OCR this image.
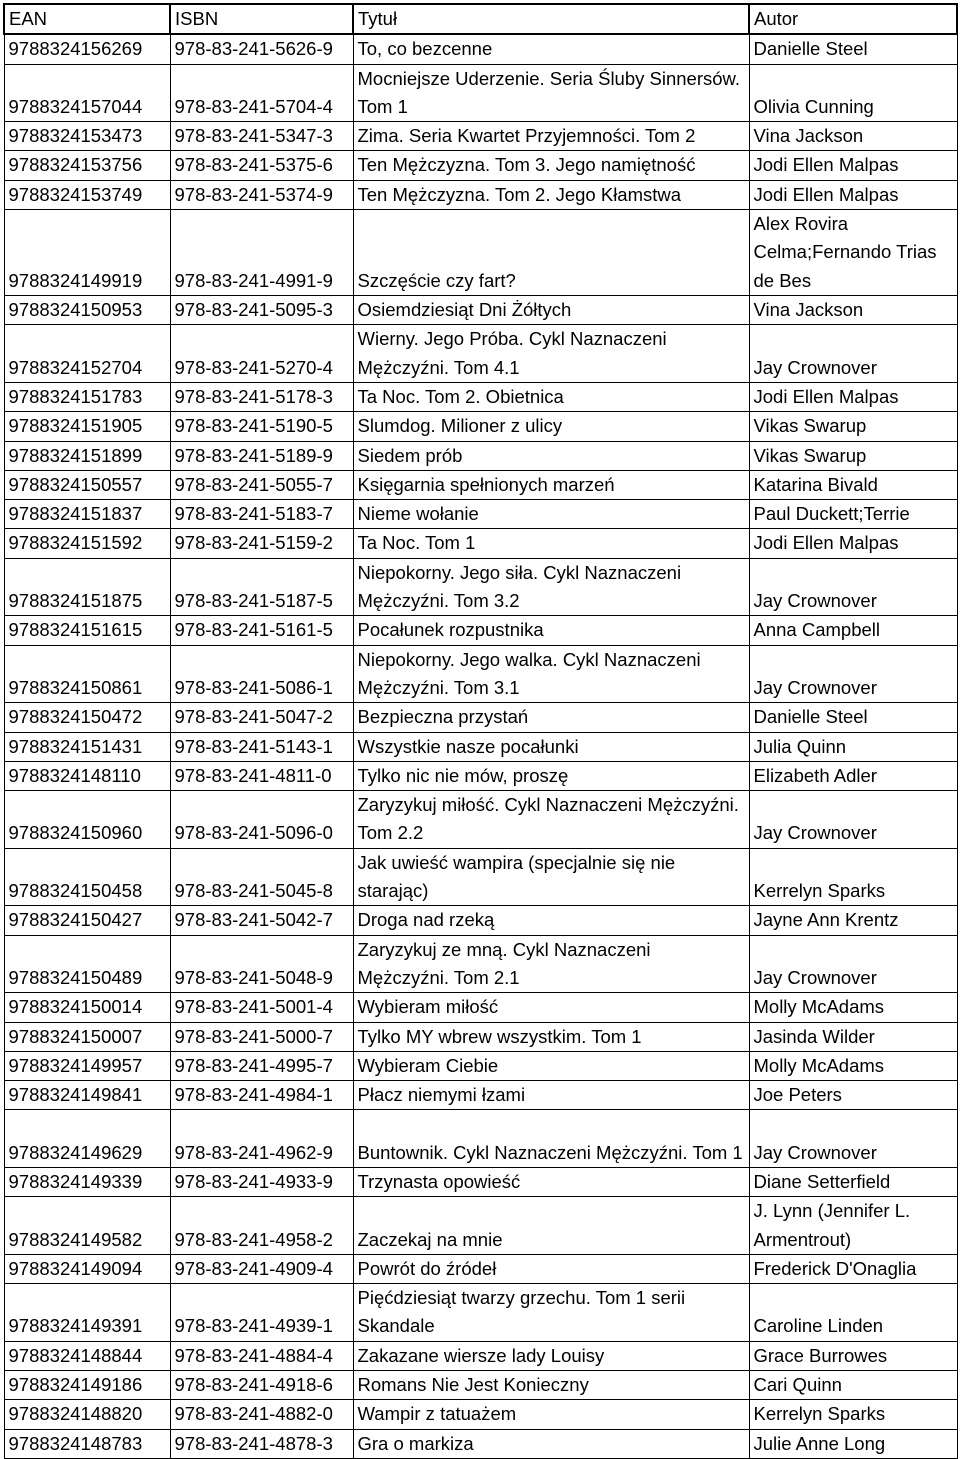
EAN	ISBN	Tytuł	Autor
9788324156269	978-83-241-5626-9	To, co bezcenne	Danielle Steel
9788324157044	978-83-241-5704-4	Mocniejsze Uderzenie. Seria Śluby Sinnersów. Tom 1	Olivia Cunning
9788324153473	978-83-241-5347-3	Zima. Seria Kwartet Przyjemności. Tom 2	Vina Jackson
9788324153756	978-83-241-5375-6	Ten Mężczyzna. Tom 3. Jego namiętność	Jodi Ellen Malpas
9788324153749	978-83-241-5374-9	Ten Mężczyzna. Tom 2. Jego Kłamstwa	Jodi Ellen Malpas
9788324149919	978-83-241-4991-9	Szczęście czy fart?	Alex Rovira Celma;Fernando Trias de Bes
9788324150953	978-83-241-5095-3	Osiemdziesiąt Dni Żółtych	Vina Jackson
9788324152704	978-83-241-5270-4	Wierny. Jego Próba. Cykl Naznaczeni Mężczyźni. Tom 4.1	Jay Crownover
9788324151783	978-83-241-5178-3	Ta Noc. Tom 2. Obietnica	Jodi Ellen Malpas
9788324151905	978-83-241-5190-5	Slumdog. Milioner z ulicy	Vikas Swarup
9788324151899	978-83-241-5189-9	Siedem prób	Vikas Swarup
9788324150557	978-83-241-5055-7	Księgarnia spełnionych marzeń	Katarina Bivald
9788324151837	978-83-241-5183-7	Nieme wołanie	Paul Duckett;Terrie
9788324151592	978-83-241-5159-2	Ta Noc. Tom 1	Jodi Ellen Malpas
9788324151875	978-83-241-5187-5	Niepokorny. Jego siła. Cykl Naznaczeni Mężczyźni. Tom 3.2	Jay Crownover
9788324151615	978-83-241-5161-5	Pocałunek rozpustnika	Anna Campbell
9788324150861	978-83-241-5086-1	Niepokorny. Jego walka. Cykl Naznaczeni Mężczyźni. Tom 3.1	Jay Crownover
9788324150472	978-83-241-5047-2	Bezpieczna przystań	Danielle Steel
9788324151431	978-83-241-5143-1	Wszystkie nasze pocałunki	Julia Quinn
9788324148110	978-83-241-4811-0	Tylko nic nie mów, proszę	Elizabeth Adler
9788324150960	978-83-241-5096-0	Zaryzykuj miłość. Cykl Naznaczeni Mężczyźni. Tom 2.2	Jay Crownover
9788324150458	978-83-241-5045-8	Jak uwieść wampira (specjalnie się nie starając)	Kerrelyn Sparks
9788324150427	978-83-241-5042-7	Droga nad rzeką	Jayne Ann Krentz
9788324150489	978-83-241-5048-9	Zaryzykuj ze mną. Cykl Naznaczeni Mężczyźni. Tom 2.1	Jay Crownover
9788324150014	978-83-241-5001-4	Wybieram miłość	Molly McAdams
9788324150007	978-83-241-5000-7	Tylko MY wbrew wszystkim. Tom 1	Jasinda Wilder
9788324149957	978-83-241-4995-7	Wybieram Ciebie	Molly McAdams
9788324149841	978-83-241-4984-1	Płacz niemymi łzami	Joe Peters
9788324149629	978-83-241-4962-9	Buntownik. Cykl Naznaczeni Mężczyźni. Tom 1	Jay Crownover
9788324149339	978-83-241-4933-9	Trzynasta opowieść	Diane Setterfield
9788324149582	978-83-241-4958-2	Zaczekaj na mnie	J. Lynn (Jennifer L. Armentrout)
9788324149094	978-83-241-4909-4	Powrót do źródeł	Frederick D'Onaglia
9788324149391	978-83-241-4939-1	Pięćdziesiąt twarzy grzechu. Tom 1 serii Skandale	Caroline Linden
9788324148844	978-83-241-4884-4	Zakazane wiersze lady Louisy	Grace Burrowes
9788324149186	978-83-241-4918-6	Romans Nie Jest Konieczny	Cari Quinn
9788324148820	978-83-241-4882-0	Wampir z tatuażem	Kerrelyn Sparks
9788324148783	978-83-241-4878-3	Gra o markiza	Julie Anne Long
